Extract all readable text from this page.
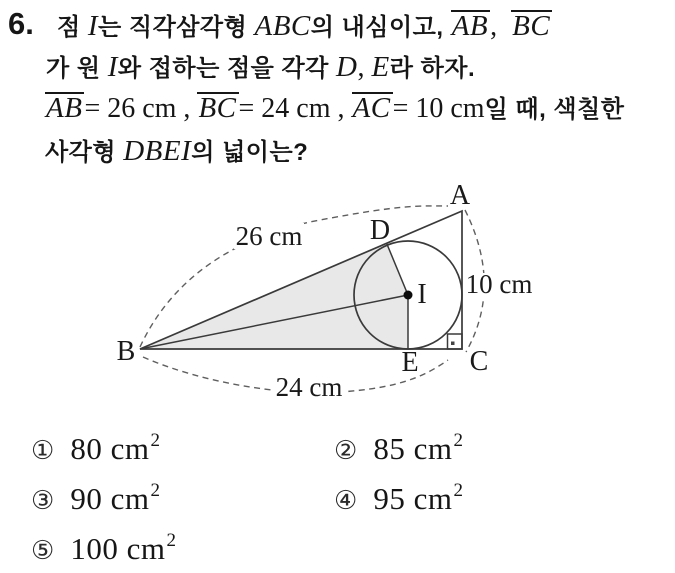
6. 점 I는 직각삼각형 ABC의 내심이고, AB,  BC
가 원 I와 접하는 점을 각각 D, E라 하자.
AB= 26 cm , BC= 24 cm , AC= 10 cm일 때, 색칠한
사각형 DBEI의 넓이는?
26 cm
24 cm
10 cm
A
B	C
D
E
I
① 80 cm2	② 85 cm2
③ 90 cm2	④ 95 cm2
⑤ 100 cm2
